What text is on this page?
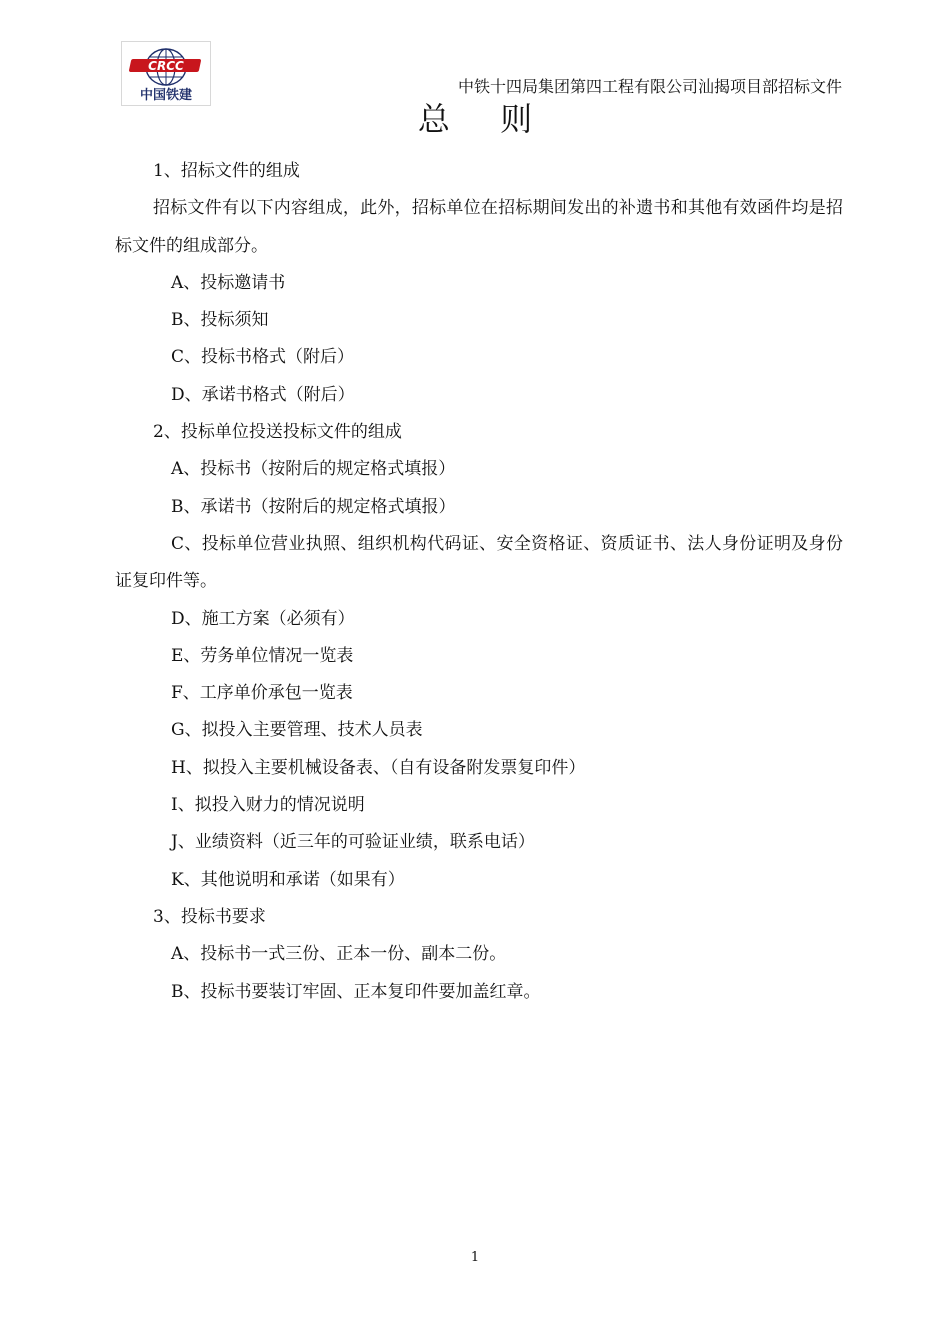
CRCC
中国铁建	中铁十四局集团第四工程有限公司汕揭项目部招标文件
总 则

1、招标文件的组成

招标文件有以下内容组成，此外，招标单位在招标期间发出的补遗书和其他有效函件均是招标文件的组成部分。

A、投标邀请书

B、投标须知

C、投标书格式（附后）

D、承诺书格式（附后）

2、投标单位投送投标文件的组成

A、投标书（按附后的规定格式填报）

B、承诺书（按附后的规定格式填报）

C、投标单位营业执照、组织机构代码证、安全资格证、资质证书、法人身份证明及身份证复印件等。

D、施工方案（必须有）

E、劳务单位情况一览表

F、工序单价承包一览表

G、拟投入主要管理、技术人员表

H、拟投入主要机械设备表、（自有设备附发票复印件）

I、拟投入财力的情况说明

J、业绩资料（近三年的可验证业绩，联系电话）

K、其他说明和承诺（如果有）

3、投标书要求

A、投标书一式三份、正本一份、副本二份。

B、投标书要装订牢固、正本复印件要加盖红章。

1
